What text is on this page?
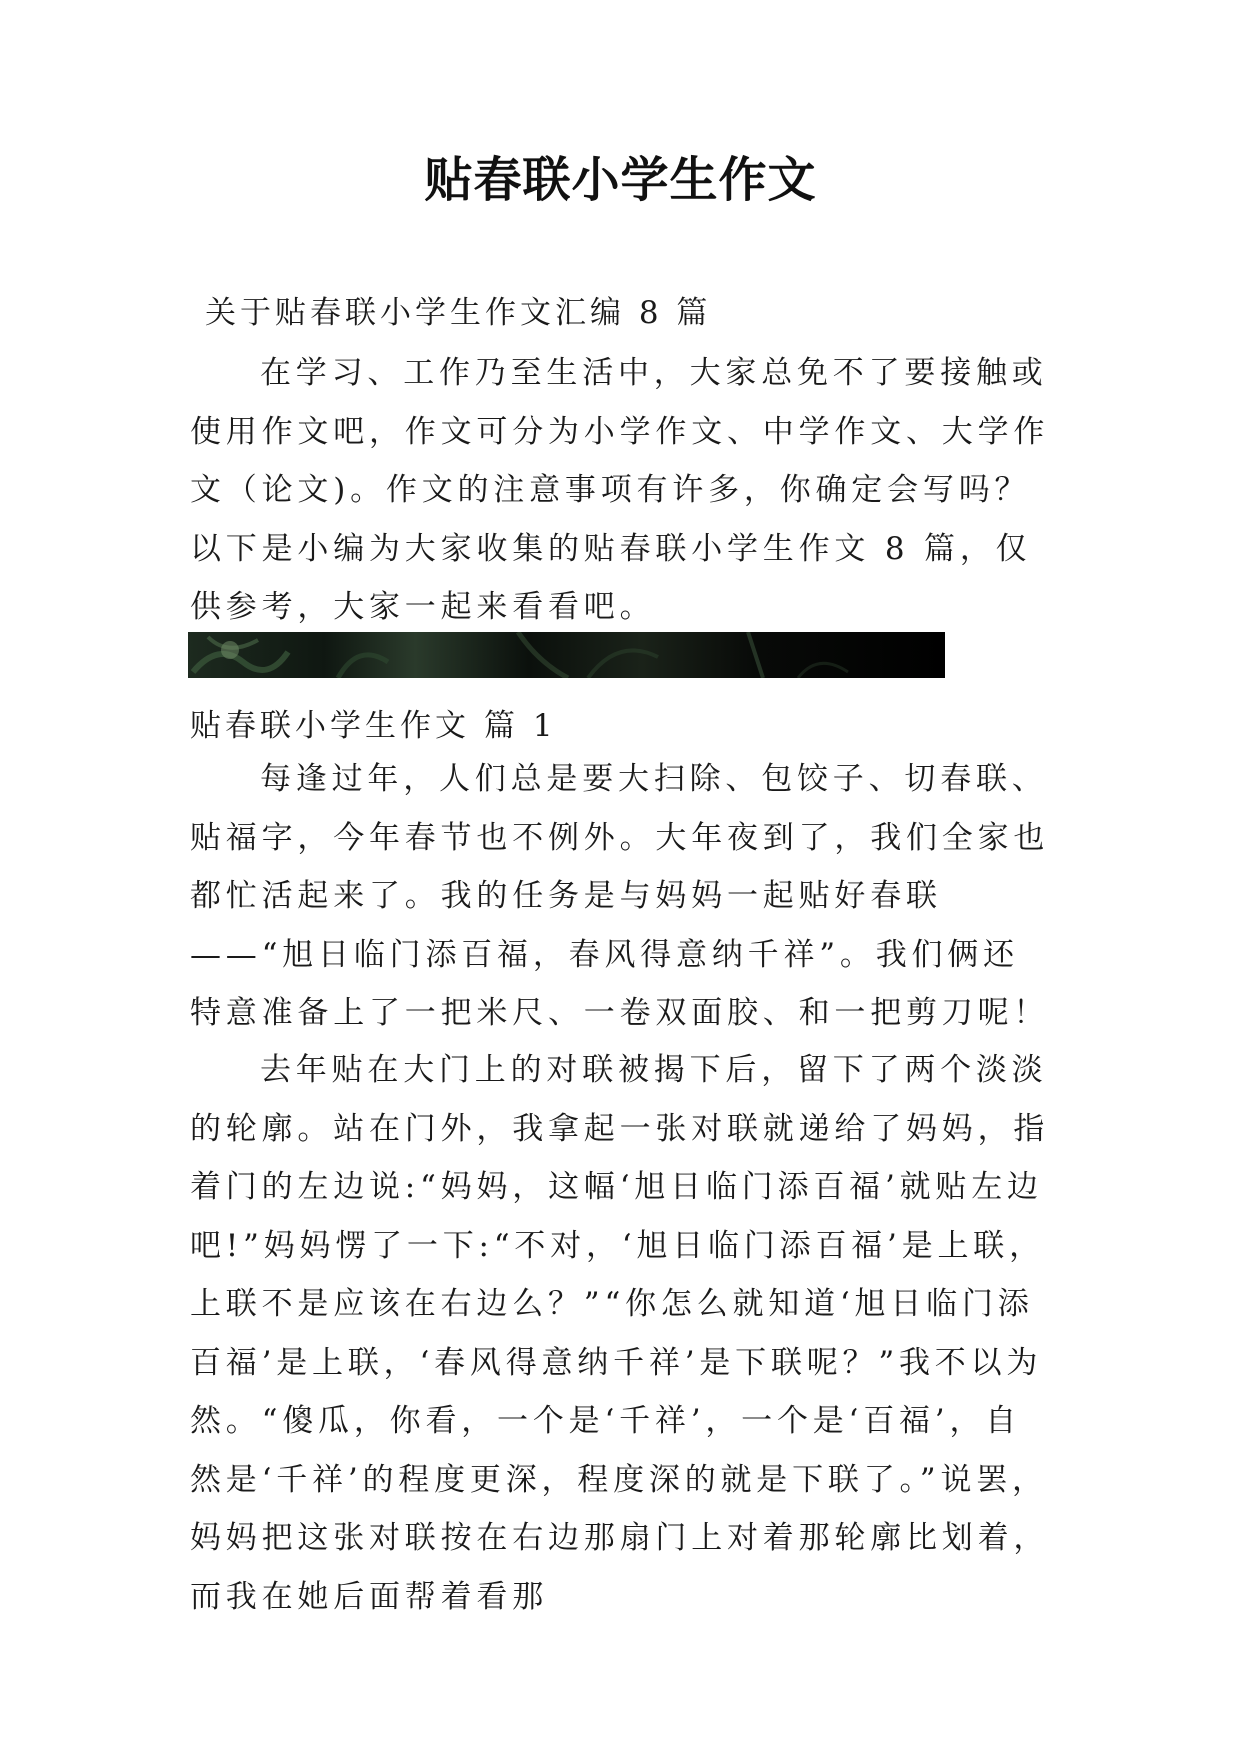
贴春联小学生作文
关于贴春联小学生作文汇编 8 篇

在学习、工作乃至生活中，大家总免不了要接触或使用作文吧，作文可分为小学作文、中学作文、大学作文（论文)。作文的注意事项有许多，你确定会写吗？以下是小编为大家收集的贴春联小学生作文 8 篇，仅供参考，大家一起来看看吧。

贴春联小学生作文 篇 1

每逢过年，人们总是要大扫除、包饺子、切春联、贴福字，今年春节也不例外。大年夜到了，我们全家也都忙活起来了。我的任务是与妈妈一起贴好春联——“旭日临门添百福，春风得意纳千祥”。我们俩还特意准备上了一把米尺、一卷双面胶、和一把剪刀呢！

去年贴在大门上的对联被揭下后，留下了两个淡淡的轮廓。站在门外，我拿起一张对联就递给了妈妈，指着门的左边说:“妈妈，这幅‘旭日临门添百福’就贴左边吧!”妈妈愣了一下:“不对，‘旭日临门添百福’是上联，上联不是应该在右边么？”“你怎么就知道‘旭日临门添百福’是上联，‘春风得意纳千祥’是下联呢？”我不以为然。“傻瓜，你看，一个是‘千祥’，一个是‘百福’，自然是‘千祥’的程度更深，程度深的就是下联了。”说罢，妈妈把这张对联按在右边那扇门上对着那轮廓比划着，而我在她后面帮着看那
